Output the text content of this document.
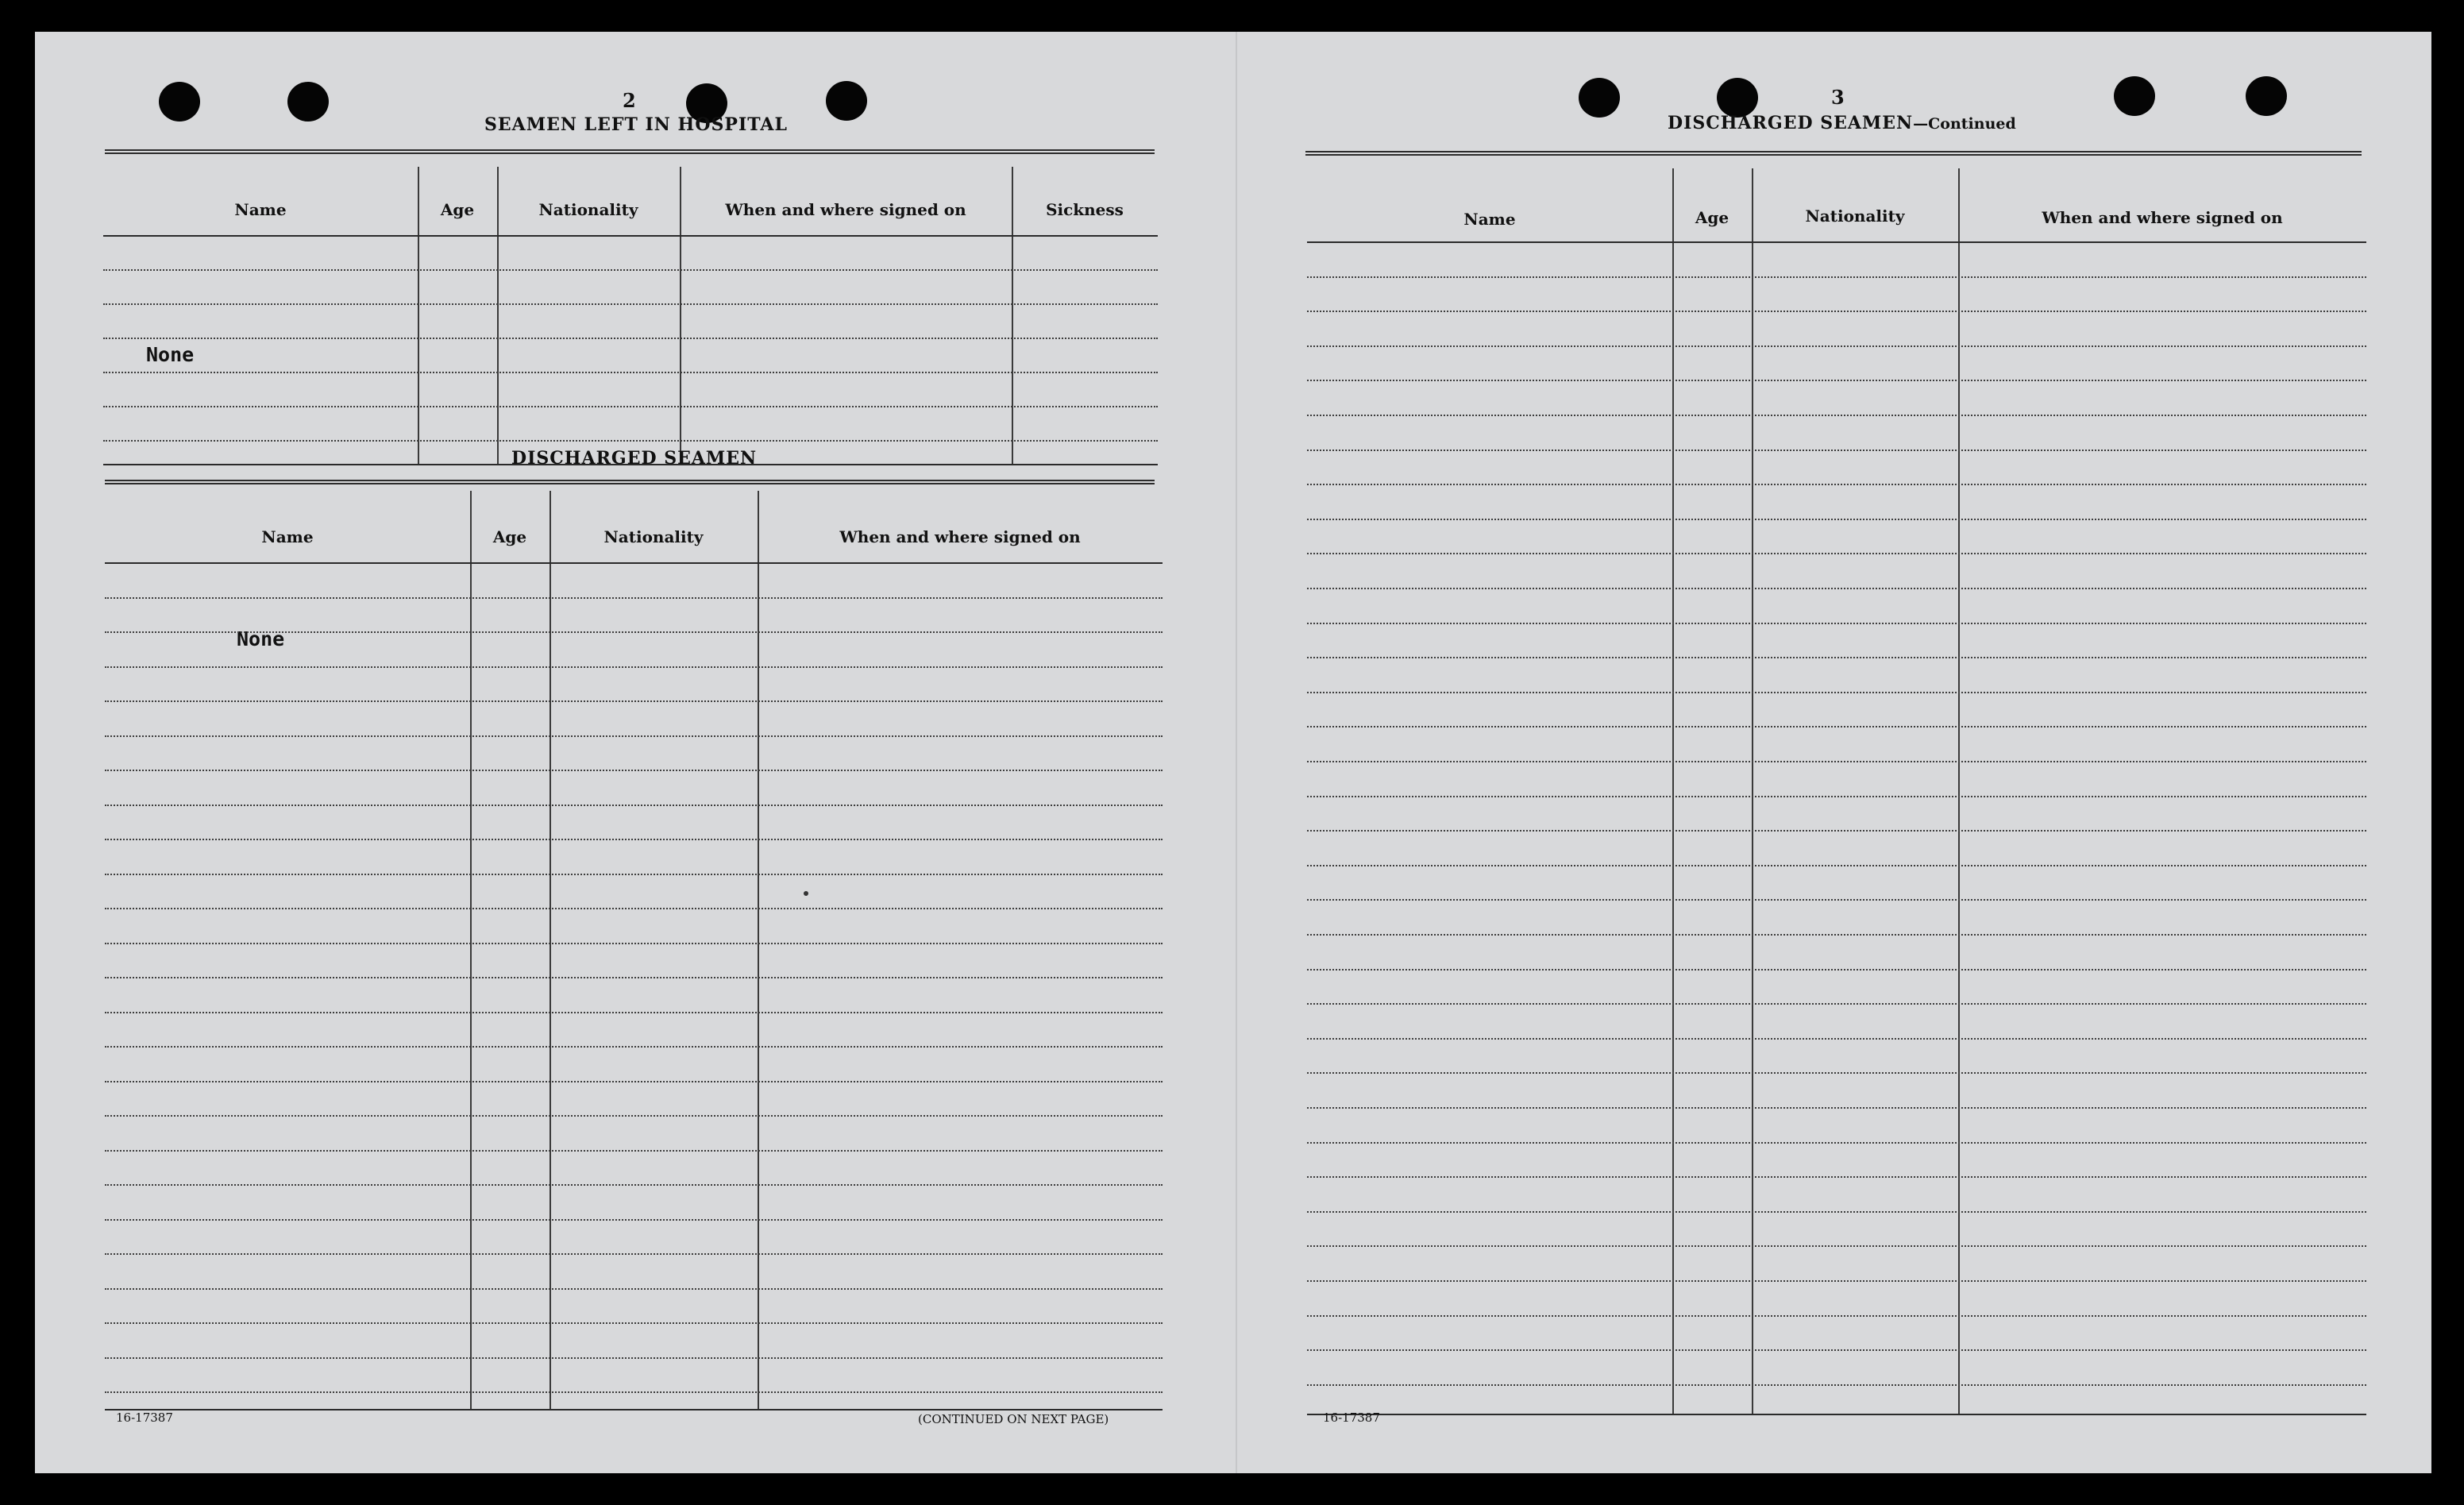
2
SEAMEN LEFT IN HOSPITAL
Name	Age	Nationality	When and where signed on	Sickness
None
DISCHARGED SEAMEN
Name	Age	Nationality	When and where signed on
None
16-17387	(CONTINUED ON NEXT PAGE)
3
DISCHARGED SEAMEN—Continued
Name	Age	Nationality	When and where signed on
16-17387
